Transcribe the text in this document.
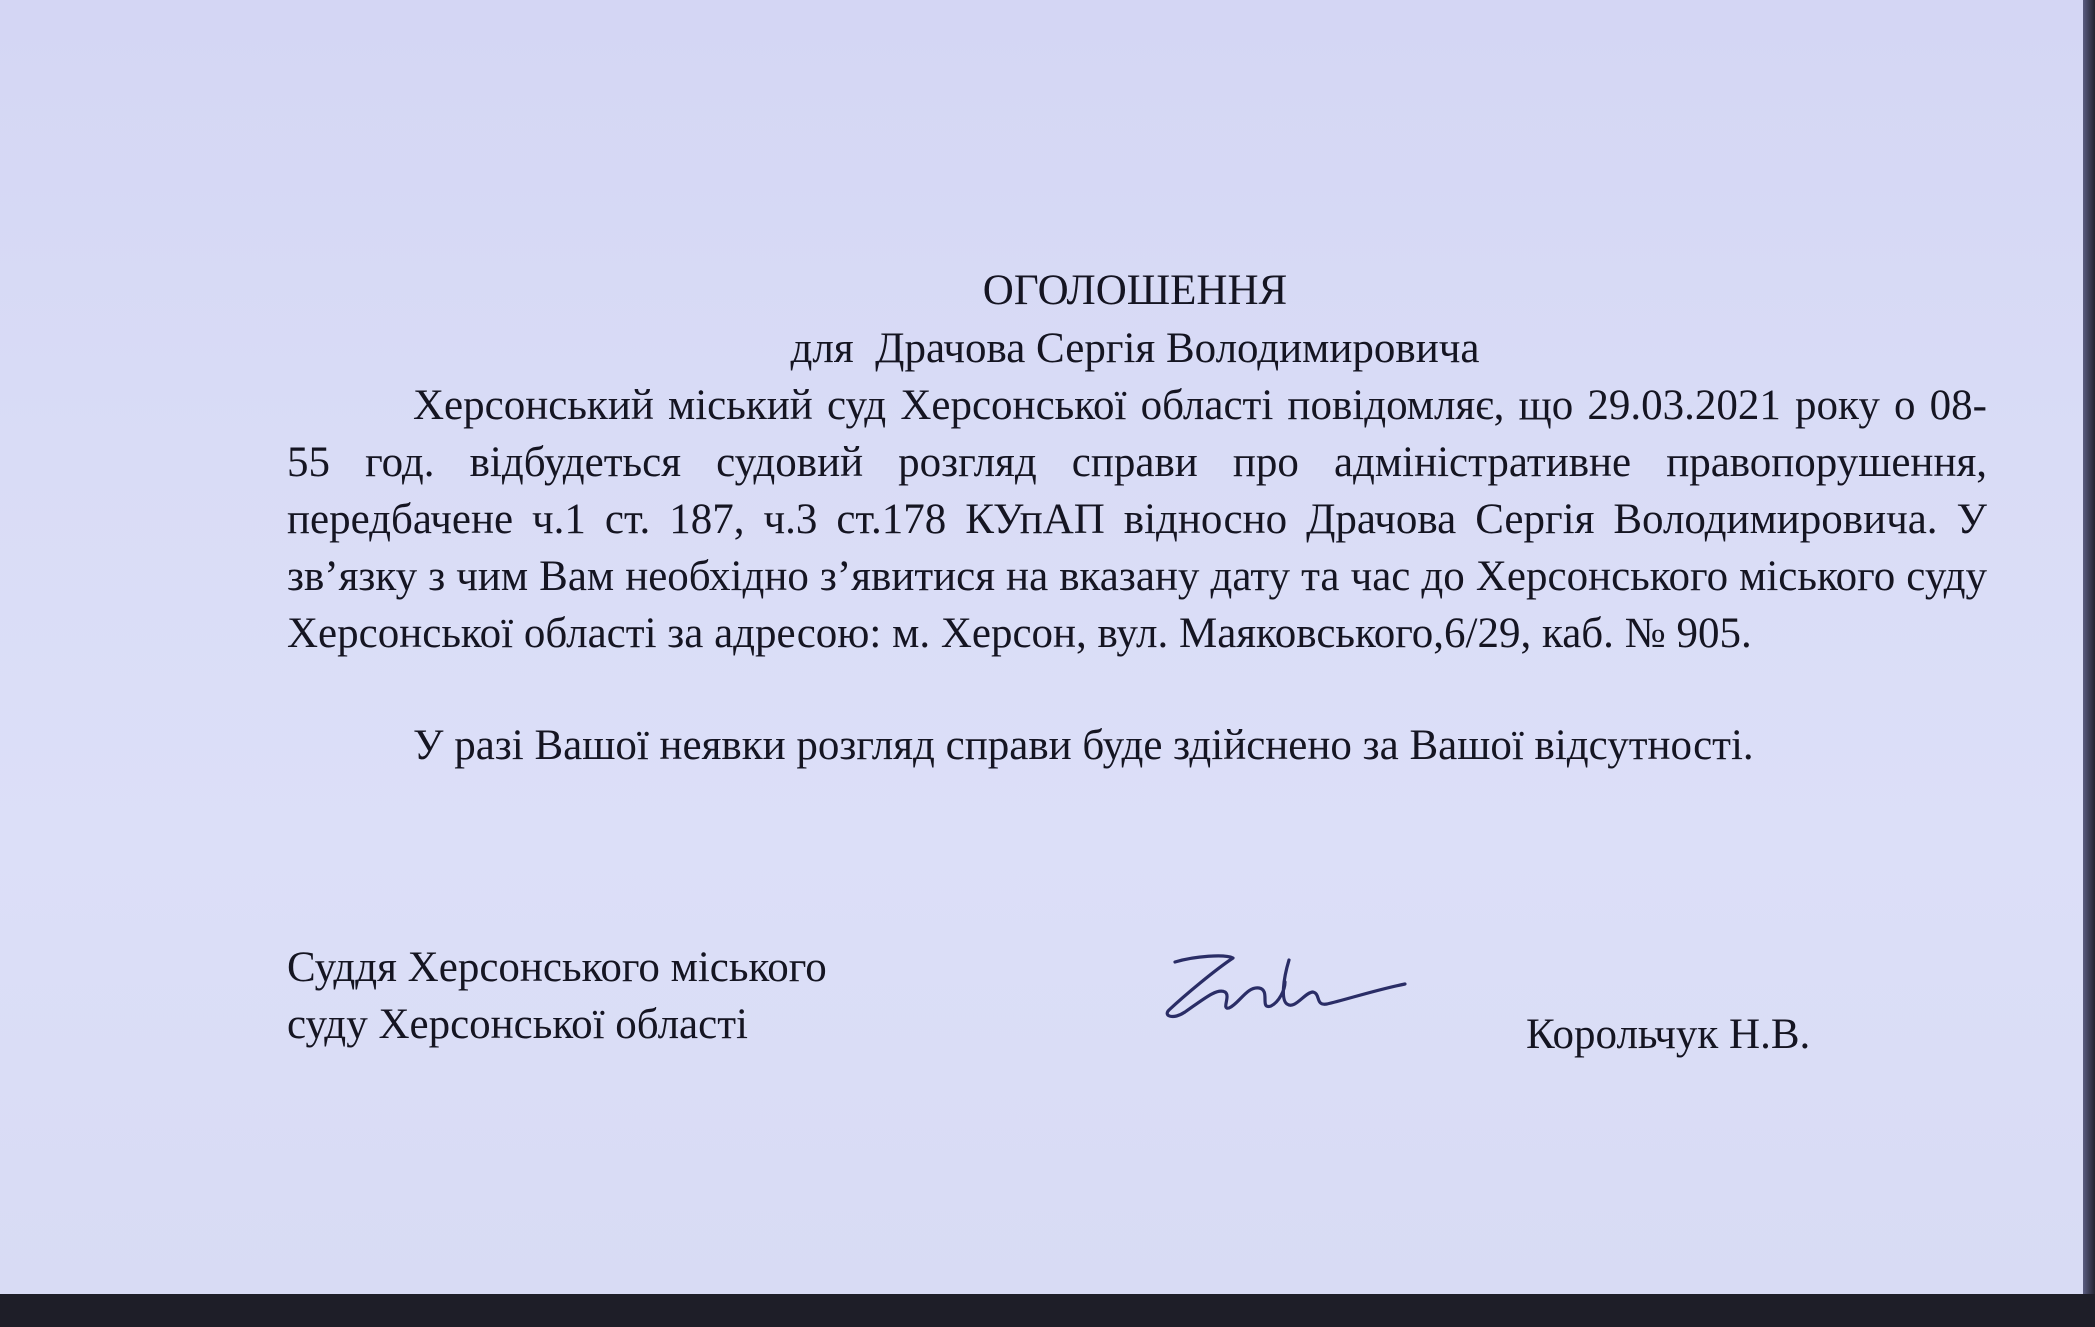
ОГОЛОШЕННЯ
для  Драчова Сергія Володимировича
Херсонський міський суд Херсонської області повідомляє, що 29.03.2021 року о 08-55 год. відбудеться судовий розгляд справи про адміністративне правопорушення, передбачене ч.1 ст. 187, ч.3 ст.178 КУпАП відносно Драчова Сергія Володимировича. У зв’язку з чим Вам необхідно з’явитися на вказану дату та час до Херсонського міського суду Херсонської області за адресою: м. Херсон, вул. Маяковського,6/29, каб. № 905.
У разі Вашої неявки розгляд справи буде здійснено за Вашої відсутності.
Суддя Херсонського міського
суду Херсонської області	Корольчук Н.В.
